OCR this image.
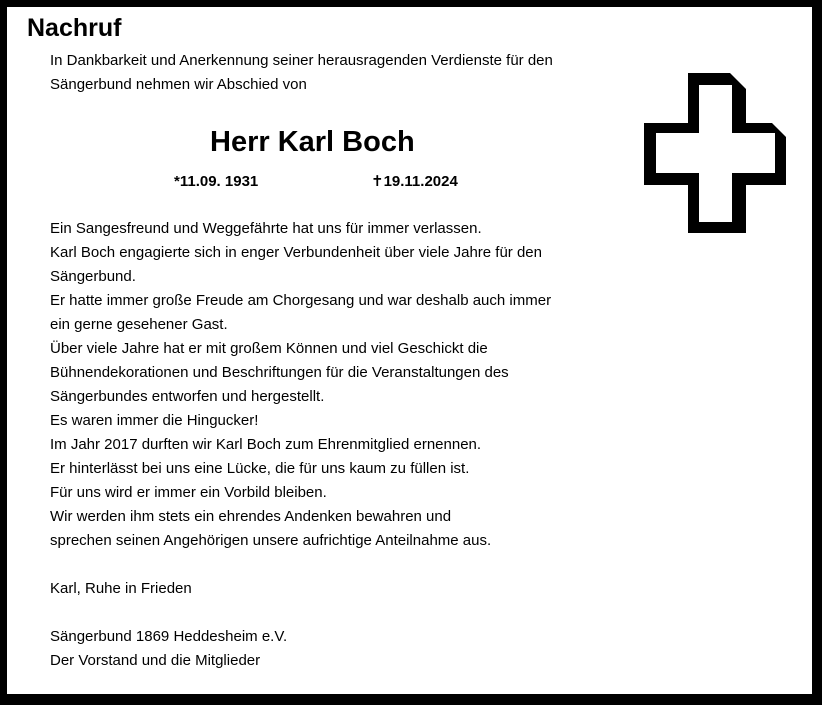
Nachruf
In Dankbarkeit und Anerkennung seiner herausragenden Verdienste für den
Sängerbund nehmen wir Abschied von
Herr Karl Boch
*11.09. 1931	✝19.11.2024
Ein Sangesfreund und Weggefährte hat uns für immer verlassen.
Karl Boch engagierte sich in enger Verbundenheit über viele Jahre für den
Sängerbund.
Er hatte immer große Freude am Chorgesang und war deshalb auch immer
ein gerne gesehener Gast.
Über viele Jahre hat er mit großem Können und viel Geschickt die
Bühnendekorationen und Beschriftungen für die Veranstaltungen des
Sängerbundes entworfen und hergestellt.
Es waren immer die Hingucker!
Im Jahr 2017 durften wir Karl Boch zum Ehrenmitglied ernennen.
Er hinterlässt bei uns eine Lücke, die für uns kaum zu füllen ist.
Für uns wird er immer ein Vorbild bleiben.
Wir werden ihm stets ein ehrendes Andenken bewahren und
sprechen seinen Angehörigen unsere aufrichtige Anteilnahme aus.
Karl, Ruhe in Frieden
Sängerbund 1869 Heddesheim e.V.
Der Vorstand und die Mitglieder
